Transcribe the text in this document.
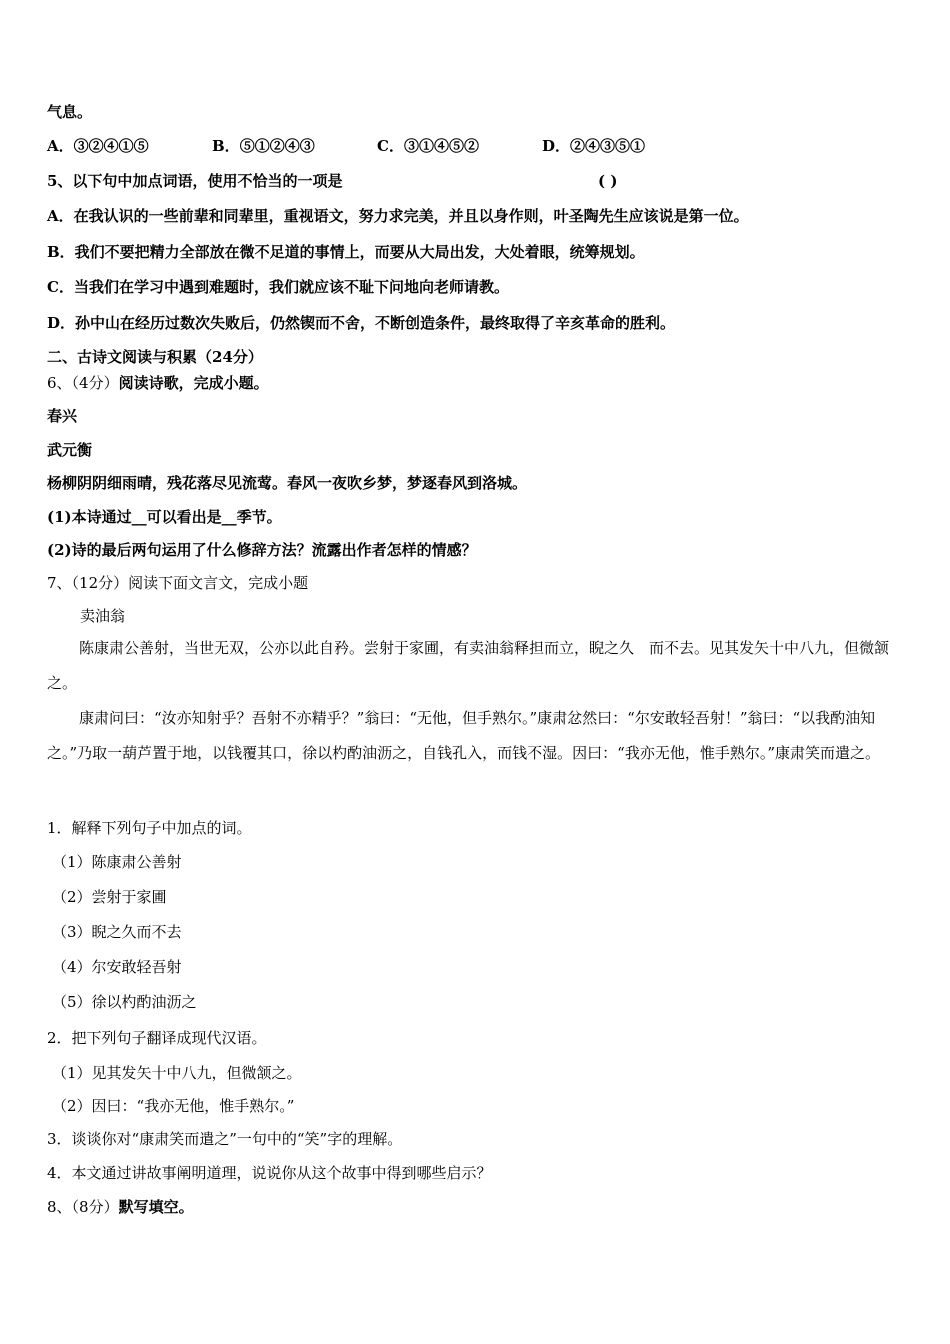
气息。
A．③②④①⑤	B．⑤①②④③	C．③①④⑤②	D．②④③⑤①
5、以下句中加点词语，使用不恰当的一项是	( )
A．在我认识的一些前辈和同辈里，重视语文，努力求完美，并且以身作则，叶圣陶先生应该说是第一位。
B．我们不要把精力全部放在微不足道的事情上，而要从大局出发，大处着眼，统筹规划。
C．当我们在学习中遇到难题时，我们就应该不耻下问地向老师请教。
D．孙中山在经历过数次失败后，仍然锲而不舍，不断创造条件，最终取得了辛亥革命的胜利。
二、古诗文阅读与积累（24分）
6、（4分）阅读诗歌，完成小题。
春兴
武元衡
杨柳阴阴细雨晴，残花落尽见流莺。春风一夜吹乡梦，梦逐春风到洛城。
(1)本诗通过__可以看出是__季节。
(2)诗的最后两句运用了什么修辞方法？流露出作者怎样的情感？
7、（12分）阅读下面文言文，完成小题
卖油翁
陈康肃公善射，当世无双，公亦以此自矜。尝射于家圃，有卖油翁释担而立，睨之久　而不去。见其发矢十中八九，但微颔之。
康肃问曰：“汝亦知射乎？吾射不亦精乎？”翁曰：“无他，但手熟尔。”康肃忿然曰：“尔安敢轻吾射！”翁曰：“以我酌油知之。”乃取一葫芦置于地，以钱覆其口，徐以杓酌油沥之，自钱孔入，而钱不湿。因曰：“我亦无他，惟手熟尔。”康肃笑而遣之。
1．解释下列句子中加点的词。
（1）陈康肃公善射
（2）尝射于家圃
（3）睨之久而不去
（4）尔安敢轻吾射
（5）徐以杓酌油沥之
2．把下列句子翻译成现代汉语。
（1）见其发矢十中八九，但微颔之。
（2）因曰：“我亦无他，惟手熟尔。”
3．谈谈你对“康肃笑而遣之”一句中的“笑”字的理解。
4．本文通过讲故事阐明道理，说说你从这个故事中得到哪些启示？
8、（8分）默写填空。
